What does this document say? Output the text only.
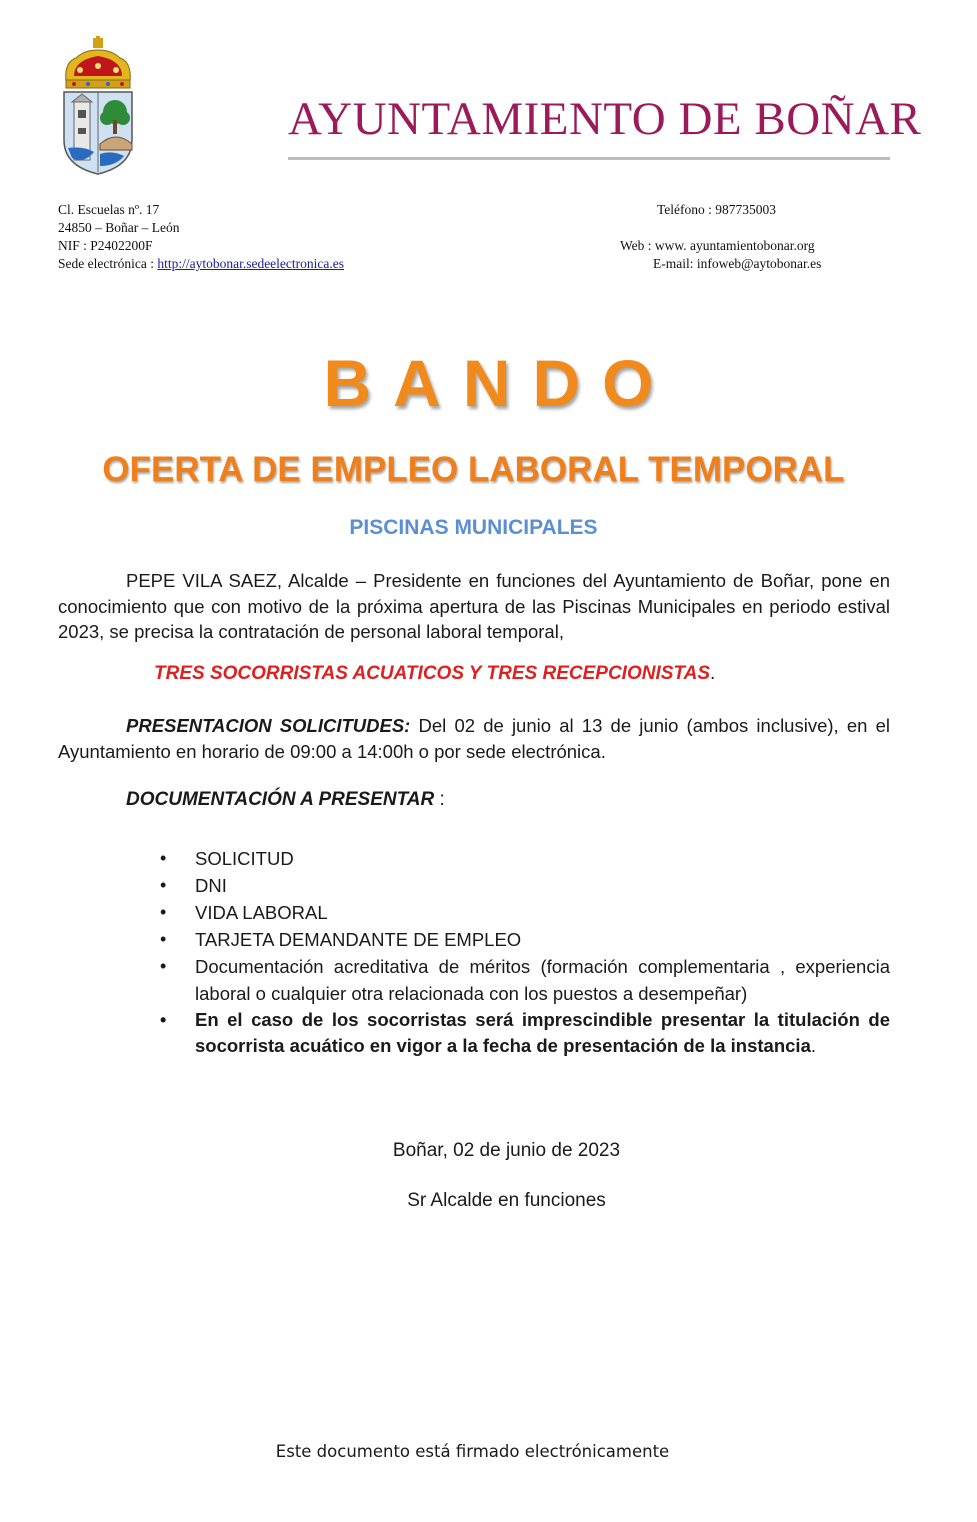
AYUNTAMIENTO DE BOÑAR
Cl. Escuelas nº. 17
24850 – Boñar – León
NIF : P2402200F
Sede electrónica : http://aytobonar.sedeelectronica.es
Teléfono : 987735003
Web : www. ayuntamientobonar.org
E-mail: infoweb@aytobonar.es
BANDO
OFERTA DE EMPLEO LABORAL TEMPORAL
PISCINAS MUNICIPALES
PEPE VILA SAEZ, Alcalde – Presidente en funciones del Ayuntamiento de Boñar, pone en conocimiento que con motivo de la próxima apertura de las Piscinas Municipales en periodo estival 2023, se precisa la contratación de personal laboral temporal,
TRES SOCORRISTAS ACUATICOS Y TRES RECEPCIONISTAS.
PRESENTACION SOLICITUDES: Del 02 de junio al 13 de junio (ambos inclusive), en el Ayuntamiento en horario de 09:00 a 14:00h o por sede electrónica.
DOCUMENTACIÓN A PRESENTAR :
• SOLICITUD
• DNI
• VIDA LABORAL
• TARJETA DEMANDANTE DE EMPLEO
• Documentación acreditativa de méritos (formación complementaria , experiencia laboral o cualquier otra relacionada con los puestos a desempeñar)
• En el caso de los socorristas será imprescindible presentar la titulación de socorrista acuático en vigor a la fecha de presentación de la instancia.
Boñar, 02 de junio de 2023
Sr Alcalde en funciones
Este documento está firmado electrónicamente
